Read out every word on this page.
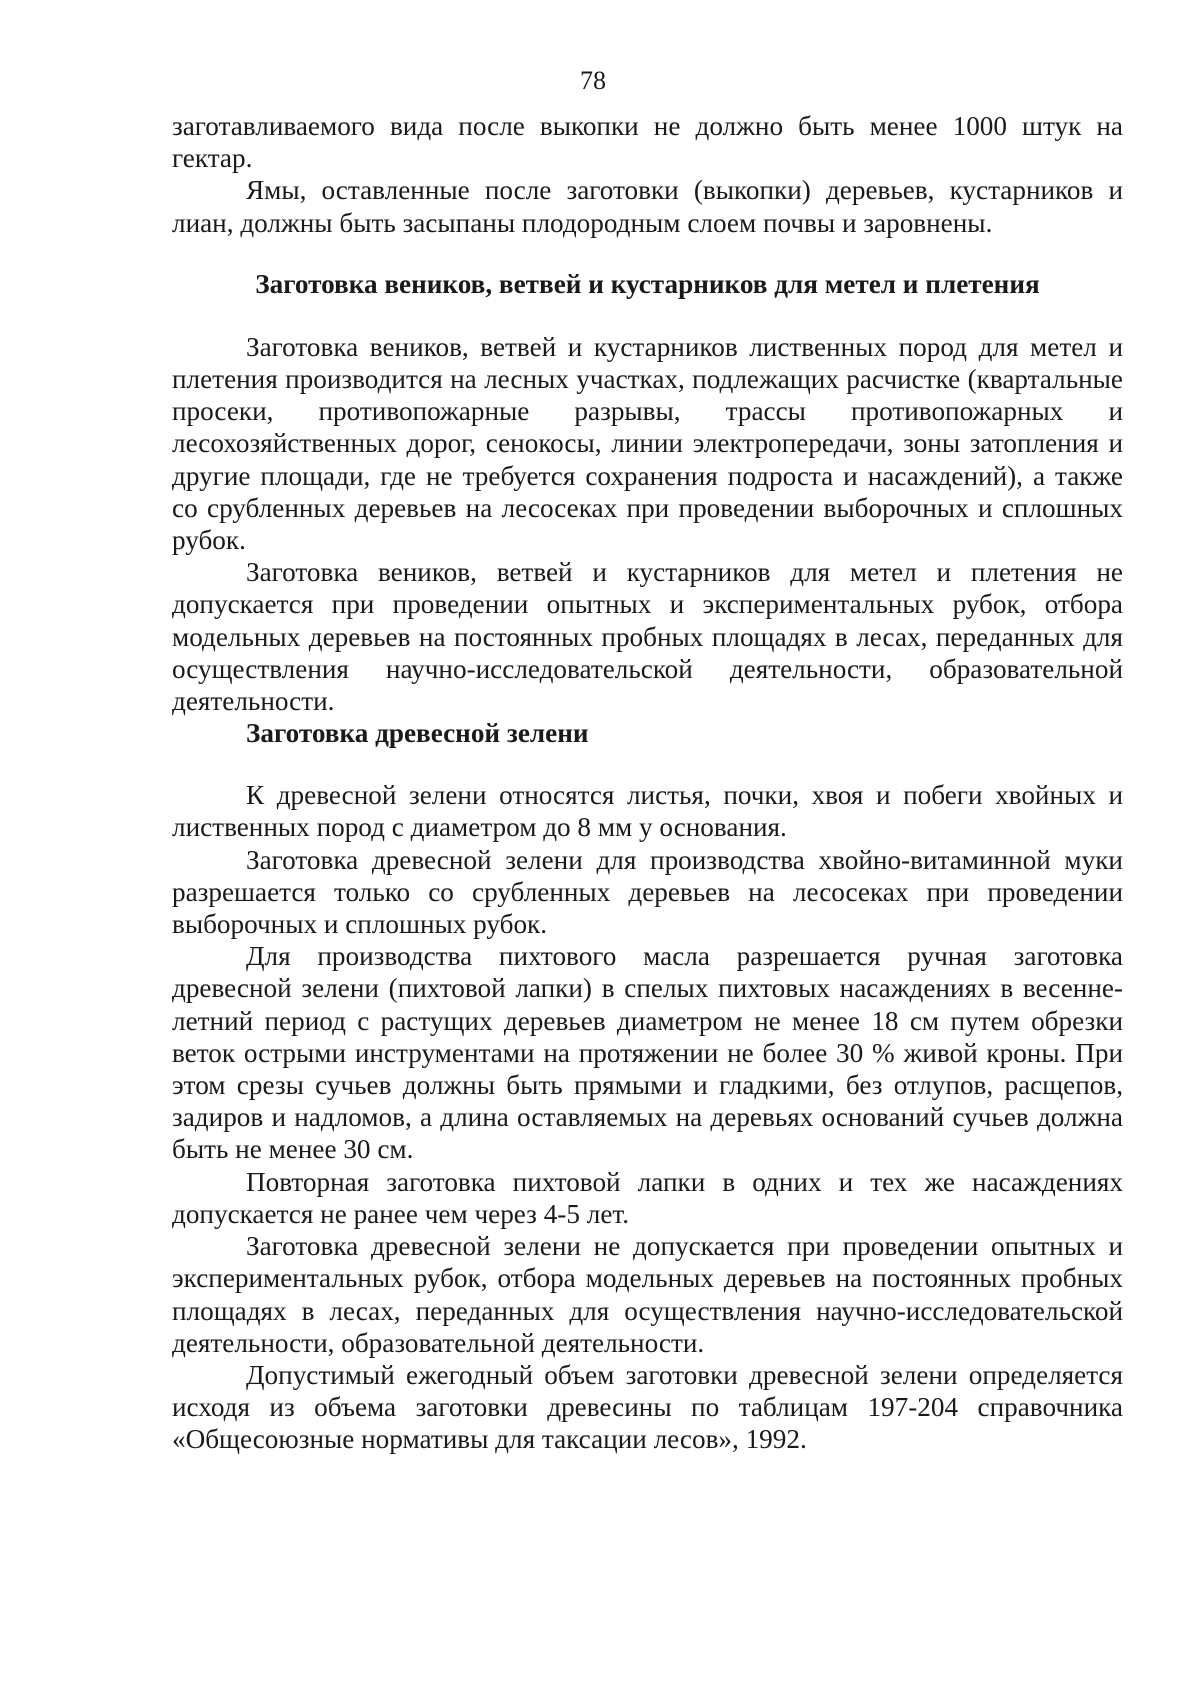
78

заготавливаемого вида после выкопки не должно быть менее 1000 штук на гектар.

Ямы, оставленные после заготовки (выкопки) деревьев, кустарников и лиан, должны быть засыпаны плодородным слоем почвы и заровнены.

Заготовка веников, ветвей и кустарников для метел и плетения

Заготовка веников, ветвей и кустарников лиственных пород для метел и плетения производится на лесных участках, подлежащих расчистке (квартальные просеки, противопожарные разрывы, трассы противопожарных и лесохозяйственных дорог, сенокосы, линии электропередачи, зоны затопления и другие площади, где не требуется сохранения подроста и насаждений), а также со срубленных деревьев на лесосеках при проведении выборочных и сплошных рубок.

Заготовка веников, ветвей и кустарников для метел и плетения не допускается при проведении опытных и экспериментальных рубок, отбора модельных деревьев на постоянных пробных площадях в лесах, переданных для осуществления научно-исследовательской деятельности, образовательной деятельности.

Заготовка древесной зелени

К древесной зелени относятся листья, почки, хвоя и побеги хвойных и лиственных пород с диаметром до 8 мм у основания.

Заготовка древесной зелени для производства хвойно-витаминной муки разрешается только со срубленных деревьев на лесосеках при проведении выборочных и сплошных рубок.

Для производства пихтового масла разрешается ручная заготовка древесной зелени (пихтовой лапки) в спелых пихтовых насаждениях в весенне-летний период с растущих деревьев диаметром не менее 18 см путем обрезки веток острыми инструментами на протяжении не более 30 % живой кроны. При этом срезы сучьев должны быть прямыми и гладкими, без отлупов, расщепов, задиров и надломов, а длина оставляемых на деревьях оснований сучьев должна быть не менее 30 см.

Повторная заготовка пихтовой лапки в одних и тех же насаждениях допускается не ранее чем через 4-5 лет.

Заготовка древесной зелени не допускается при проведении опытных и экспериментальных рубок, отбора модельных деревьев на постоянных пробных площадях в лесах, переданных для осуществления научно-исследовательской деятельности, образовательной деятельности.

Допустимый ежегодный объем заготовки древесной зелени определяется исходя из объема заготовки древесины по таблицам 197-204 справочника «Общесоюзные нормативы для таксации лесов», 1992.
